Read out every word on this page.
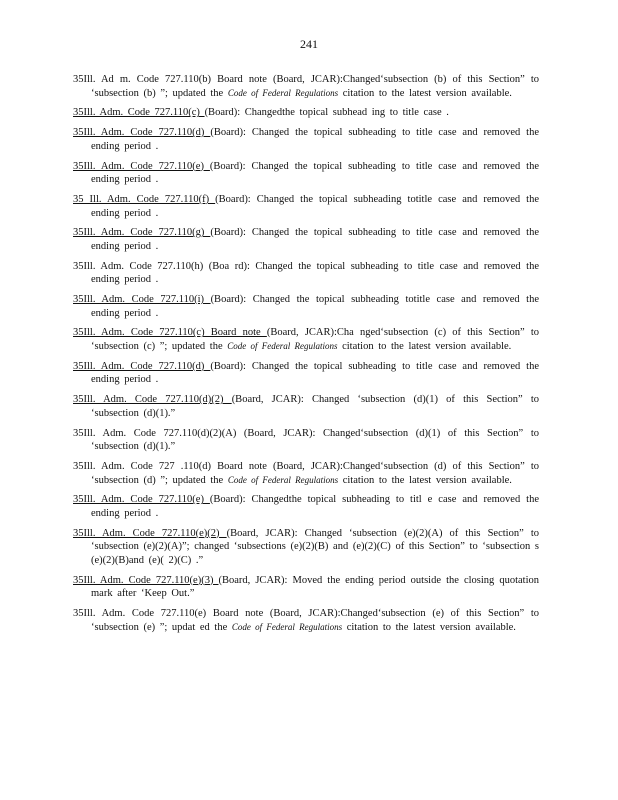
241
35Ill. Ad m. Code 727.110(b) Board note (Board, JCAR):Changed‘subsection (b) of this Section” to ‘subsection (b) ”; updated the Code of Federal Regulations citation to the latest version available.
35Ill. Adm. Code 727.110(c) (Board): Changedthe topical subhead ing to title case .
35Ill. Adm. Code 727.110(d) (Board): Changed the topical subheading to title case and removed the ending period .
35Ill. Adm. Code 727.110(e) (Board): Changed the topical subheading to title case and removed the ending period .
35 Ill. Adm. Code 727.110(f) (Board): Changed the topical subheading totitle case and removed the ending period .
35Ill. Adm. Code 727.110(g) (Board): Changed the topical subheading to title case and removed the ending period .
35Ill. Adm. Code 727.110(h) (Boa rd): Changed the topical subheading to title case and removed the ending period .
35Ill. Adm. Code 727.110(i) (Board): Changed the topical subheading totitle case and removed the ending period .
35Ill. Adm. Code 727.110(c) Board note (Board, JCAR):Cha nged‘subsection (c) of this Section” to ‘subsection (c) ”; updated the Code of Federal Regulations citation to the latest version available.
35Ill. Adm. Code 727.110(d) (Board): Changed the topical subheading to title case and removed the ending period .
35Ill. Adm. Code 727.110(d)(2) (Board, JCAR): Changed ‘subsection (d)(1) of this Section” to ‘subsection (d)(1).”
35Ill. Adm. Code 727.110(d)(2)(A) (Board, JCAR): Changed‘subsection (d)(1) of this Section” to ‘subsection (d)(1).”
35Ill. Adm. Code 727 .110(d) Board note (Board, JCAR):Changed‘subsection (d) of this Section” to ‘subsection (d) ”; updated the Code of Federal Regulations citation to the latest version available.
35Ill. Adm. Code 727.110(e) (Board): Changedthe topical subheading to titl e case and removed the ending period .
35Ill. Adm. Code 727.110(e)(2) (Board, JCAR): Changed ‘subsection (e)(2)(A) of this Section” to ‘subsection (e)(2)(A)”; changed ‘subsections (e)(2)(B) and (e)(2)(C) of this Section” to ‘subsection s (e)(2)(B)and (e)( 2)(C) .”
35Ill. Adm. Code 727.110(e)(3) (Board, JCAR): Moved the ending period outside the closing quotation mark after ‘Keep Out.”
35Ill. Adm. Code 727.110(e) Board note (Board, JCAR):Changed‘subsection (e) of this Section” to ‘subsection (e) ”; updat ed the Code of Federal Regulations citation to the latest version available.
